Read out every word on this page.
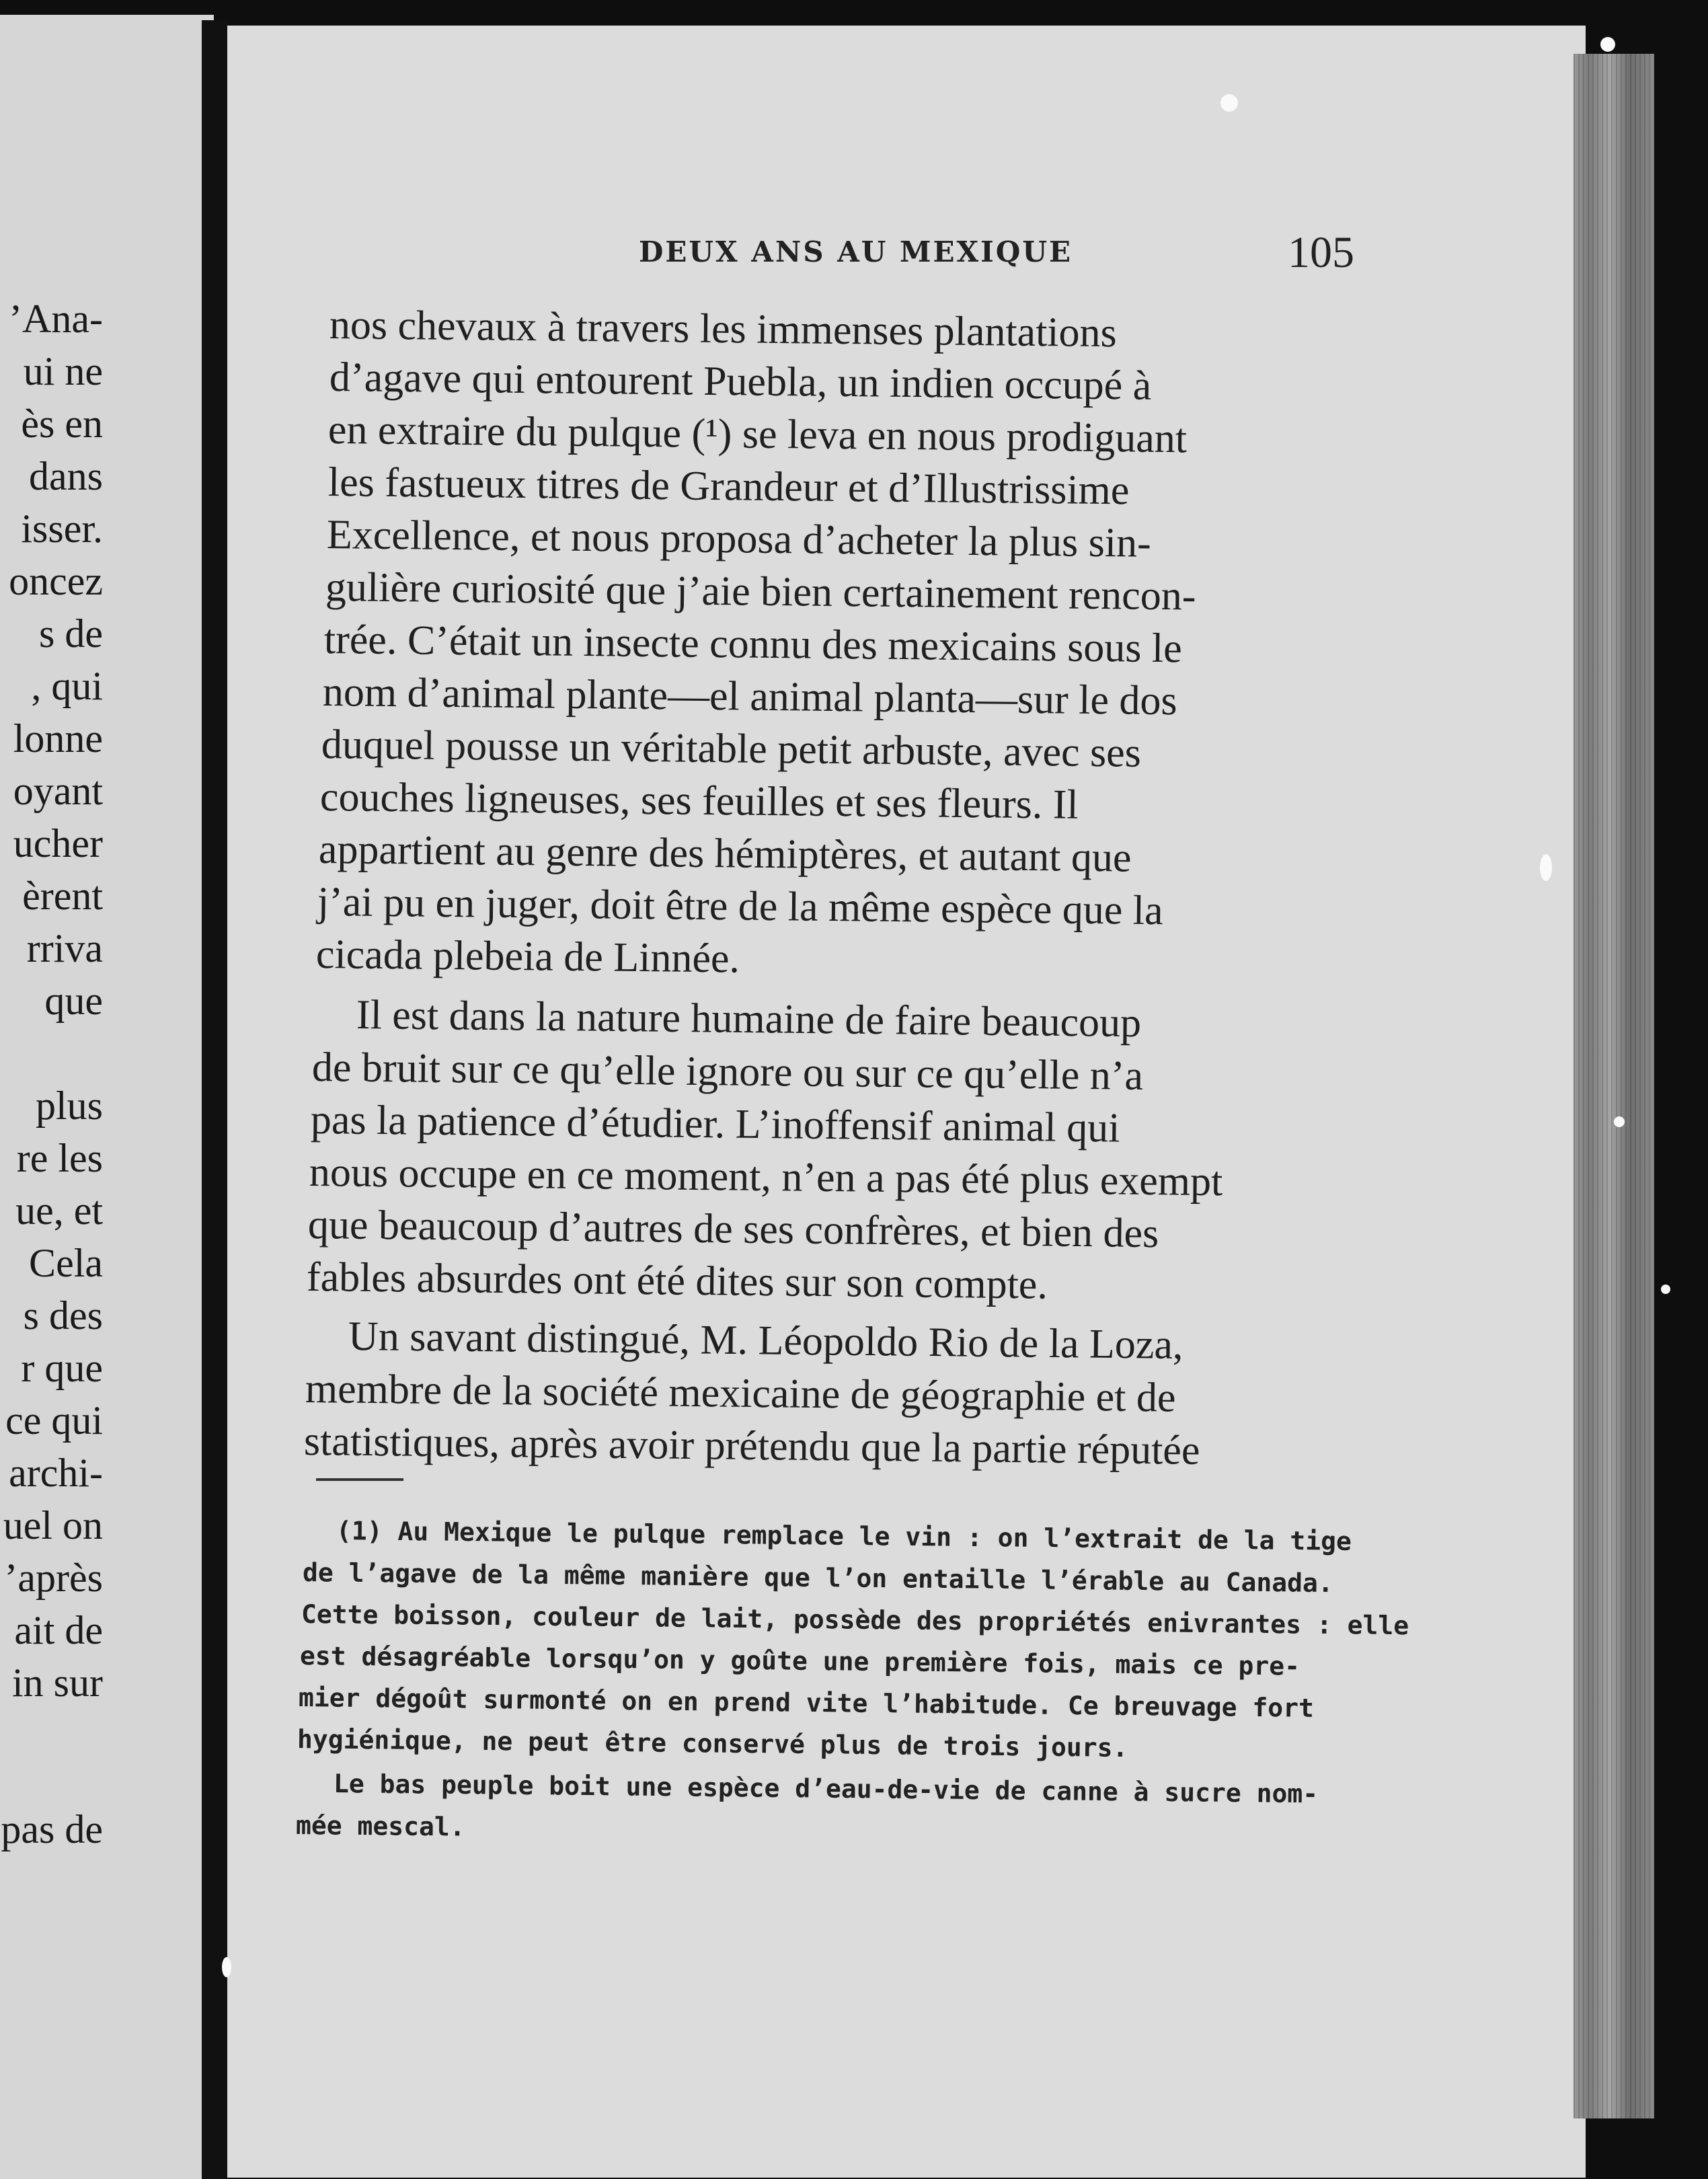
’Ana-
ui ne
ès en
dans
isser.
oncez
s de
, qui
lonne
oyant
ucher
èrent
rriva
que
plus
re les
ue, et
Cela
s des
r que
ce qui
archi-
uel on
’après
ait de
in sur
pas de
DEUX ANS AU MEXIQUE	105
nos chevaux à travers les immenses plantations
d’agave qui entourent Puebla, un indien occupé à
en extraire du pulque (¹) se leva en nous prodiguant
les fastueux titres de Grandeur et d’Illustrissime
Excellence, et nous proposa d’acheter la plus sin-
gulière curiosité que j’aie bien certainement rencon-
trée. C’était un insecte connu des mexicains sous le
nom d’animal plante—el animal planta—sur le dos
duquel pousse un véritable petit arbuste, avec ses
couches ligneuses, ses feuilles et ses fleurs. Il
appartient au genre des hémiptères, et autant que
j’ai pu en juger, doit être de la même espèce que la
cicada plebeia de Linnée.
Il est dans la nature humaine de faire beaucoup
de bruit sur ce qu’elle ignore ou sur ce qu’elle n’a
pas la patience d’étudier. L’inoffensif animal qui
nous occupe en ce moment, n’en a pas été plus exempt
que beaucoup d’autres de ses confrères, et bien des
fables absurdes ont été dites sur son compte.
Un savant distingué, M. Léopoldo Rio de la Loza,
membre de la société mexicaine de géographie et de
statistiques, après avoir prétendu que la partie réputée
(1) Au Mexique le pulque remplace le vin : on l’extrait de la tige
de l’agave de la même manière que l’on entaille l’érable au Canada.
Cette boisson, couleur de lait, possède des propriétés enivrantes : elle
est désagréable lorsqu’on y goûte une première fois, mais ce pre-
mier dégoût surmonté on en prend vite l’habitude. Ce breuvage fort
hygiénique, ne peut être conservé plus de trois jours.
Le bas peuple boit une espèce d’eau-de-vie de canne à sucre nom-
mée mescal.
